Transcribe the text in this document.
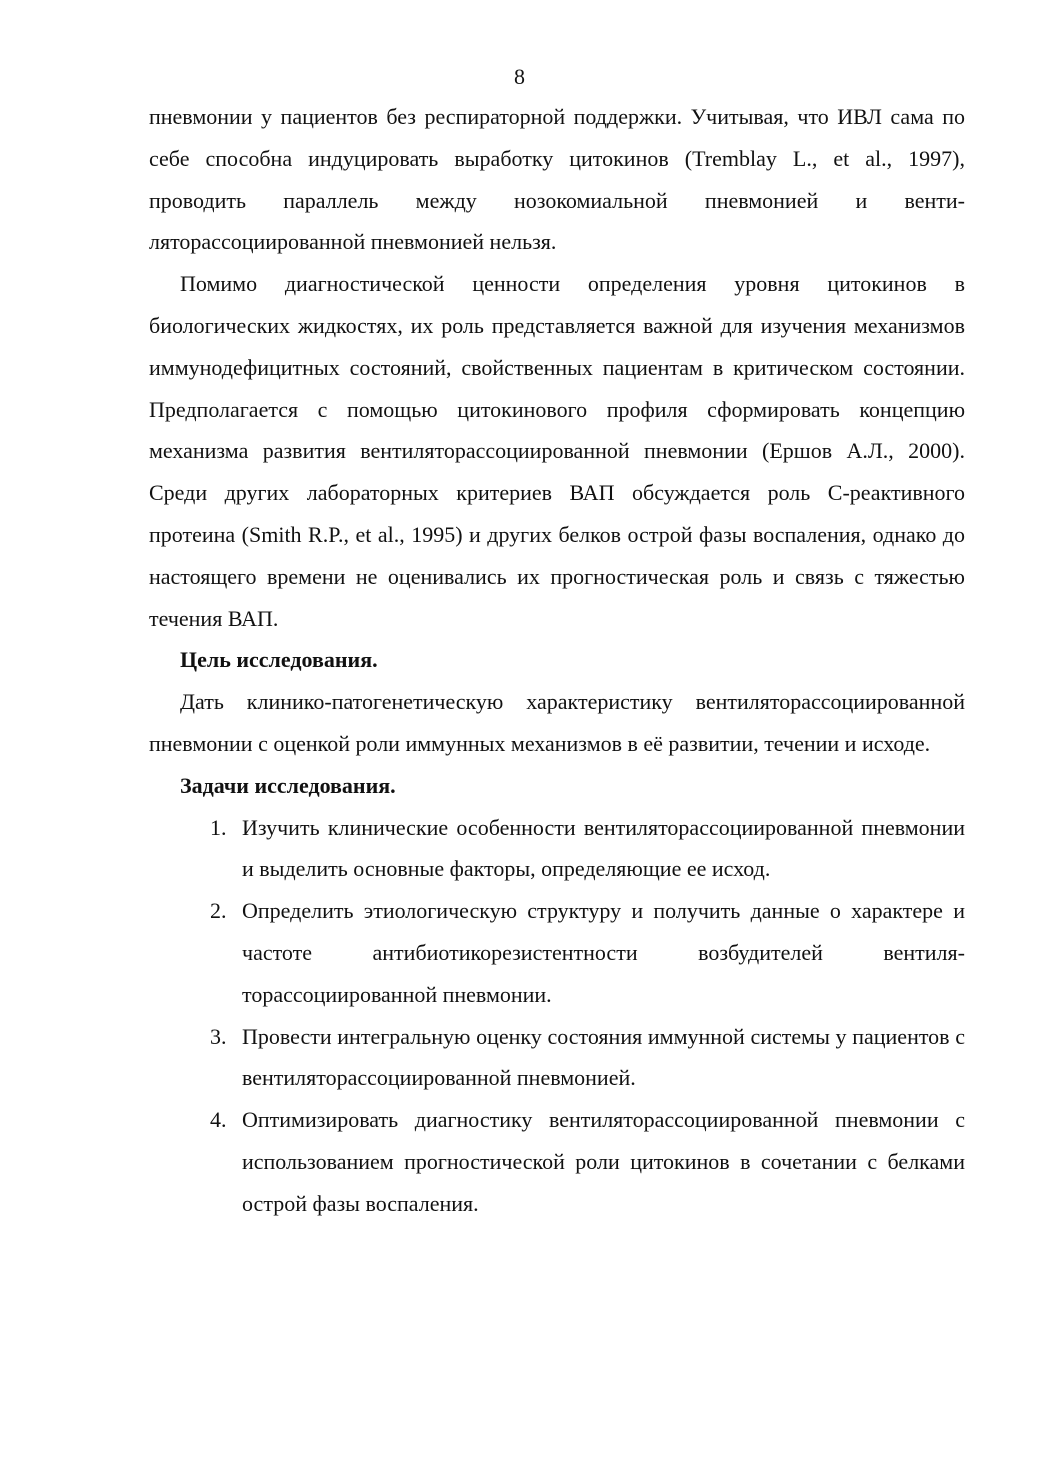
8

пневмонии у пациентов без респираторной поддержки. Учитывая, что ИВЛ сама по себе способна индуцировать выработку цитокинов (Tremblay L., et al., 1997), проводить параллель между нозокомиальной пневмонией и вентиляторассоциированной пневмонией нельзя.

Помимо диагностической ценности определения уровня цитокинов в биологических жидкостях, их роль представляется важной для изучения механизмов иммунодефицитных состояний, свойственных пациентам в критическом состоянии. Предполагается с помощью цитокинового профиля сформировать концепцию механизма развития вентиляторассоциированной пневмонии (Ершов А.Л., 2000). Среди других лабораторных критериев ВАП обсуждается роль С-реактивного протеина (Smith R.P., et al., 1995) и других белков острой фазы воспаления, однако до настоящего времени не оценивались их прогностическая роль и связь с тяжестью течения ВАП.

Цель исследования.

Дать клинико-патогенетическую характеристику вентиляторассоциированной пневмонии с оценкой роли иммунных механизмов в её развитии, течении и исходе.

Задачи исследования.

1. Изучить клинические особенности вентиляторассоциированной пневмонии и выделить основные факторы, определяющие ее исход.
2. Определить этиологическую структуру и получить данные о характере и частоте антибиотикорезистентности возбудителей вентиляторассоциированной пневмонии.
3. Провести интегральную оценку состояния иммунной системы у пациентов с вентиляторассоциированной пневмонией.
4. Оптимизировать диагностику вентиляторассоциированной пневмонии с использованием прогностической роли цитокинов в сочетании с белками острой фазы воспаления.
